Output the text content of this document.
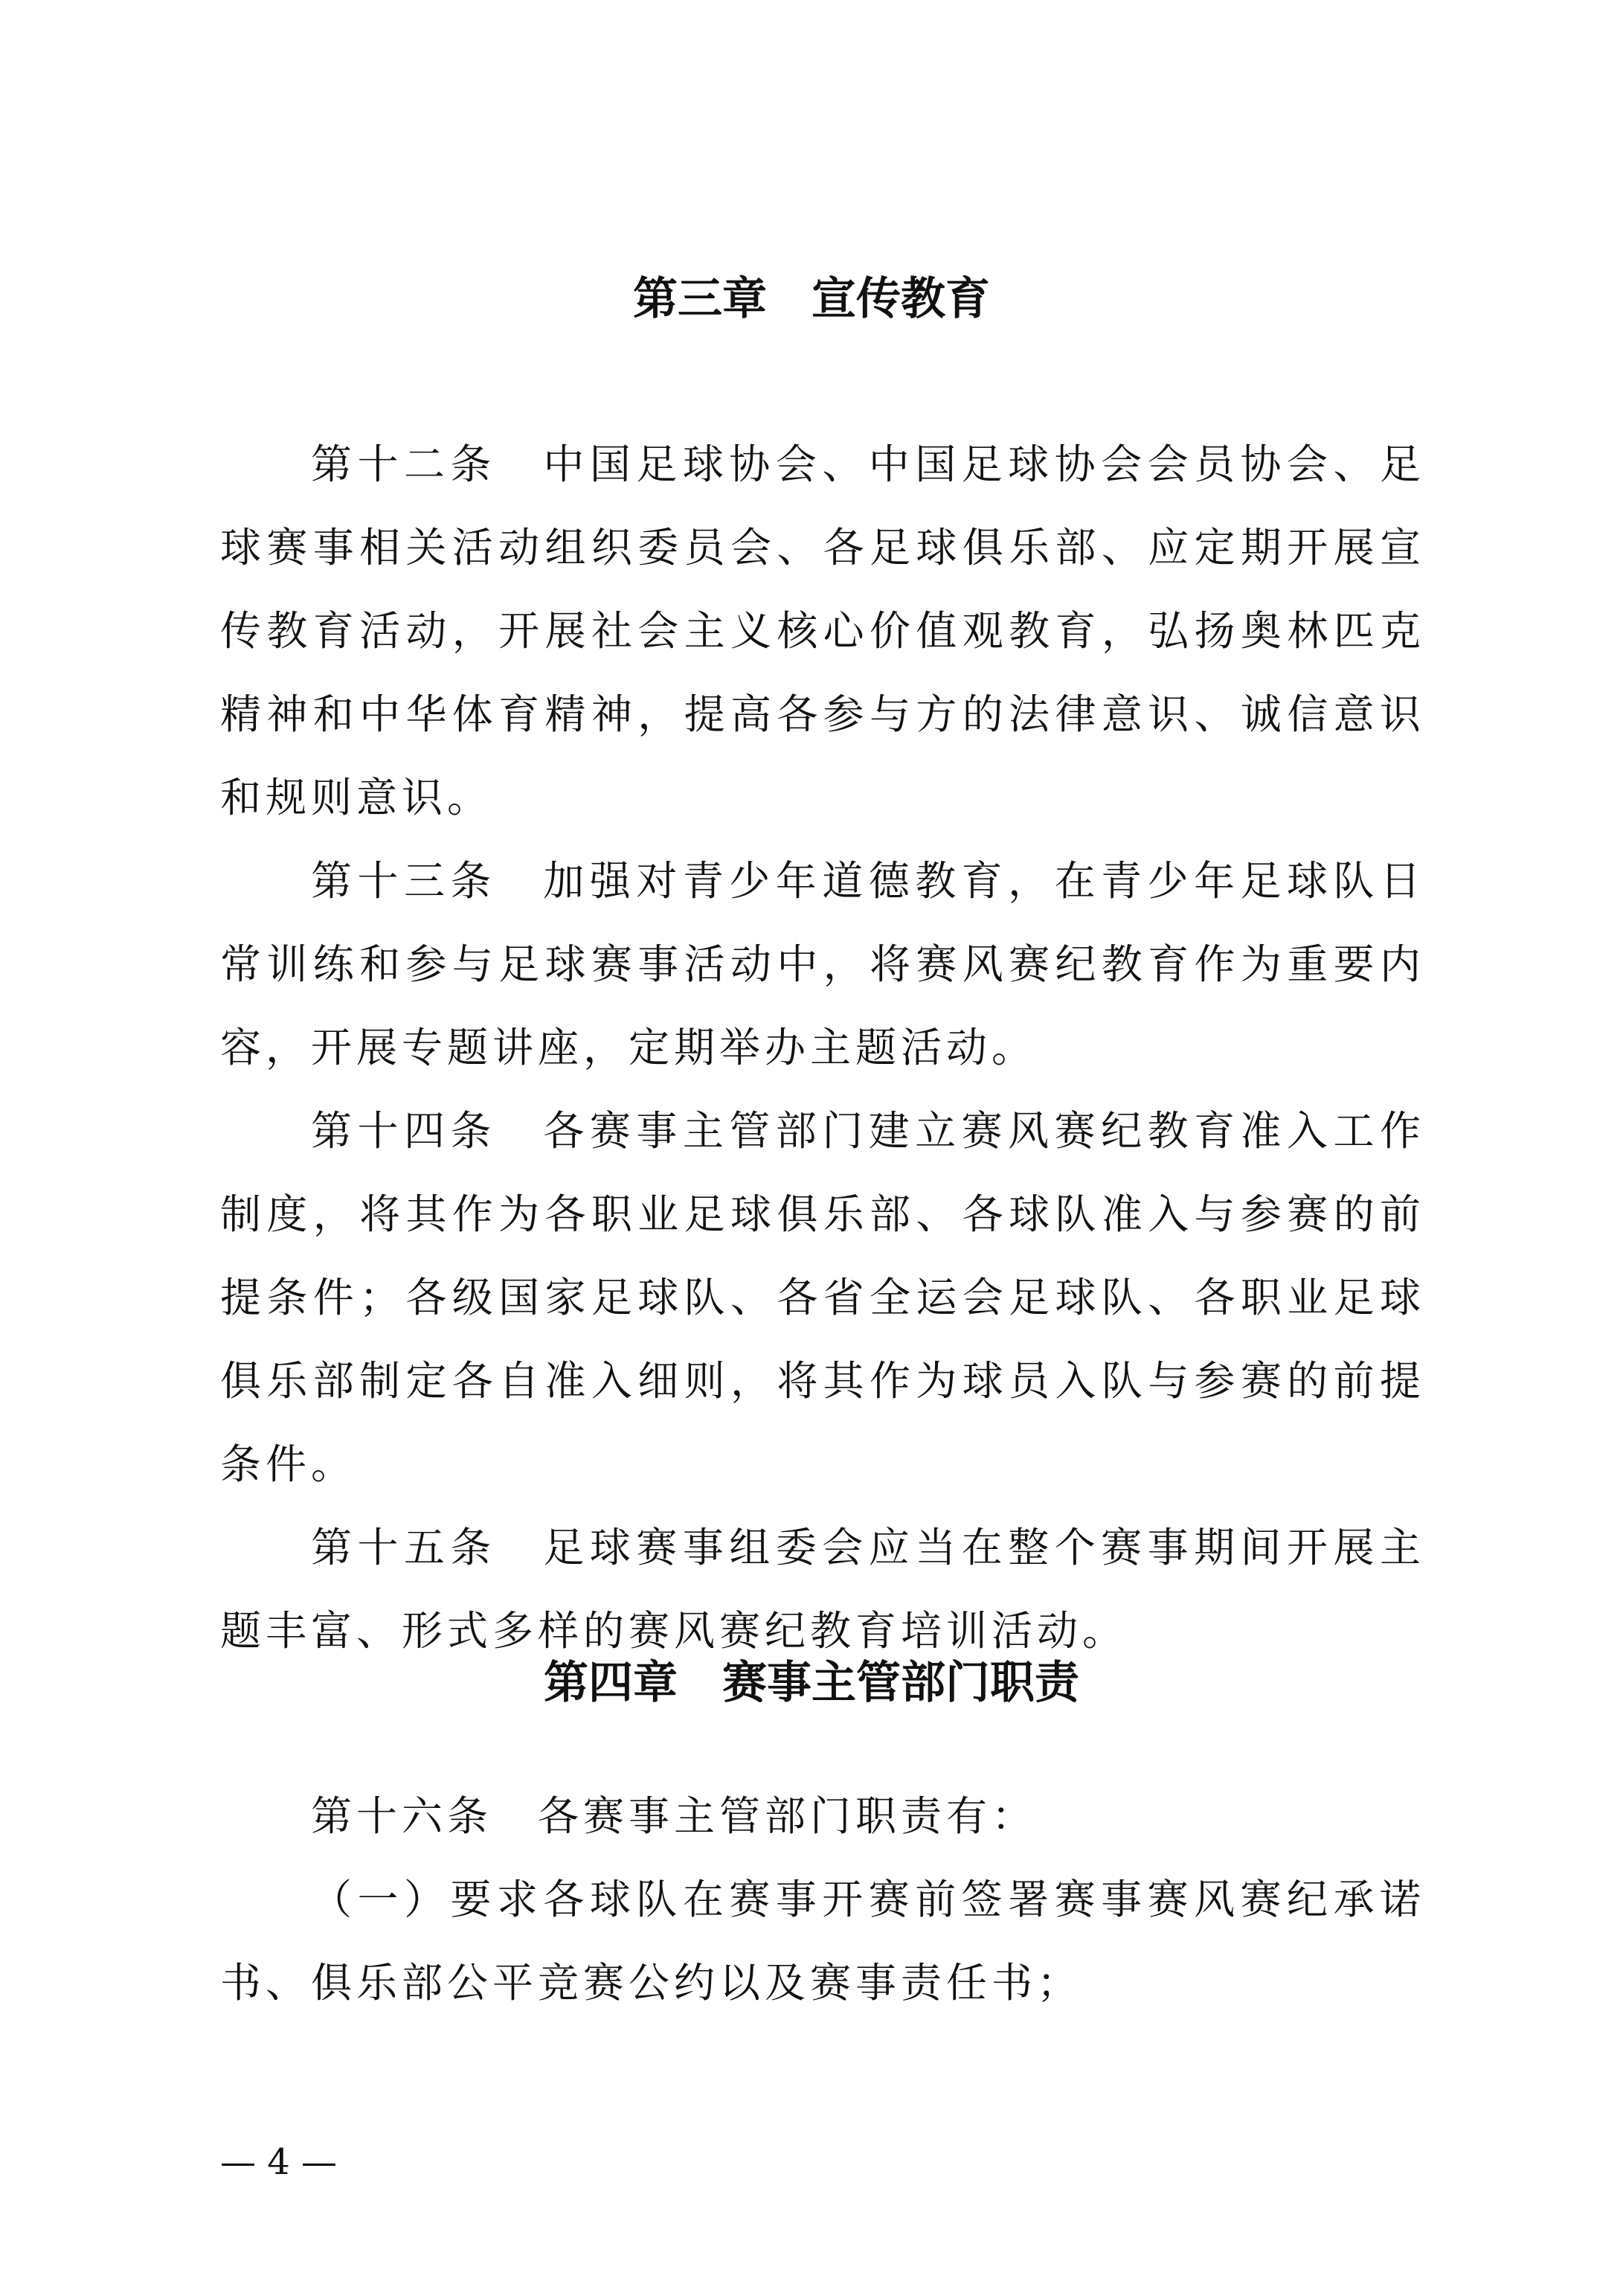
第三章　宣传教育

第十二条　中国足球协会、中国足球协会会员协会、足球赛事相关活动组织委员会、各足球俱乐部、应定期开展宣传教育活动，开展社会主义核心价值观教育，弘扬奥林匹克精神和中华体育精神，提高各参与方的法律意识、诚信意识和规则意识。

第十三条　加强对青少年道德教育，在青少年足球队日常训练和参与足球赛事活动中，将赛风赛纪教育作为重要内容，开展专题讲座，定期举办主题活动。

第十四条　各赛事主管部门建立赛风赛纪教育准入工作制度，将其作为各职业足球俱乐部、各球队准入与参赛的前提条件；各级国家足球队、各省全运会足球队、各职业足球俱乐部制定各自准入细则，将其作为球员入队与参赛的前提条件。

第十五条　足球赛事组委会应当在整个赛事期间开展主题丰富、形式多样的赛风赛纪教育培训活动。

第四章　赛事主管部门职责

第十六条　各赛事主管部门职责有：

（一）要求各球队在赛事开赛前签署赛事赛风赛纪承诺书、俱乐部公平竞赛公约以及赛事责任书；

— 4 —
